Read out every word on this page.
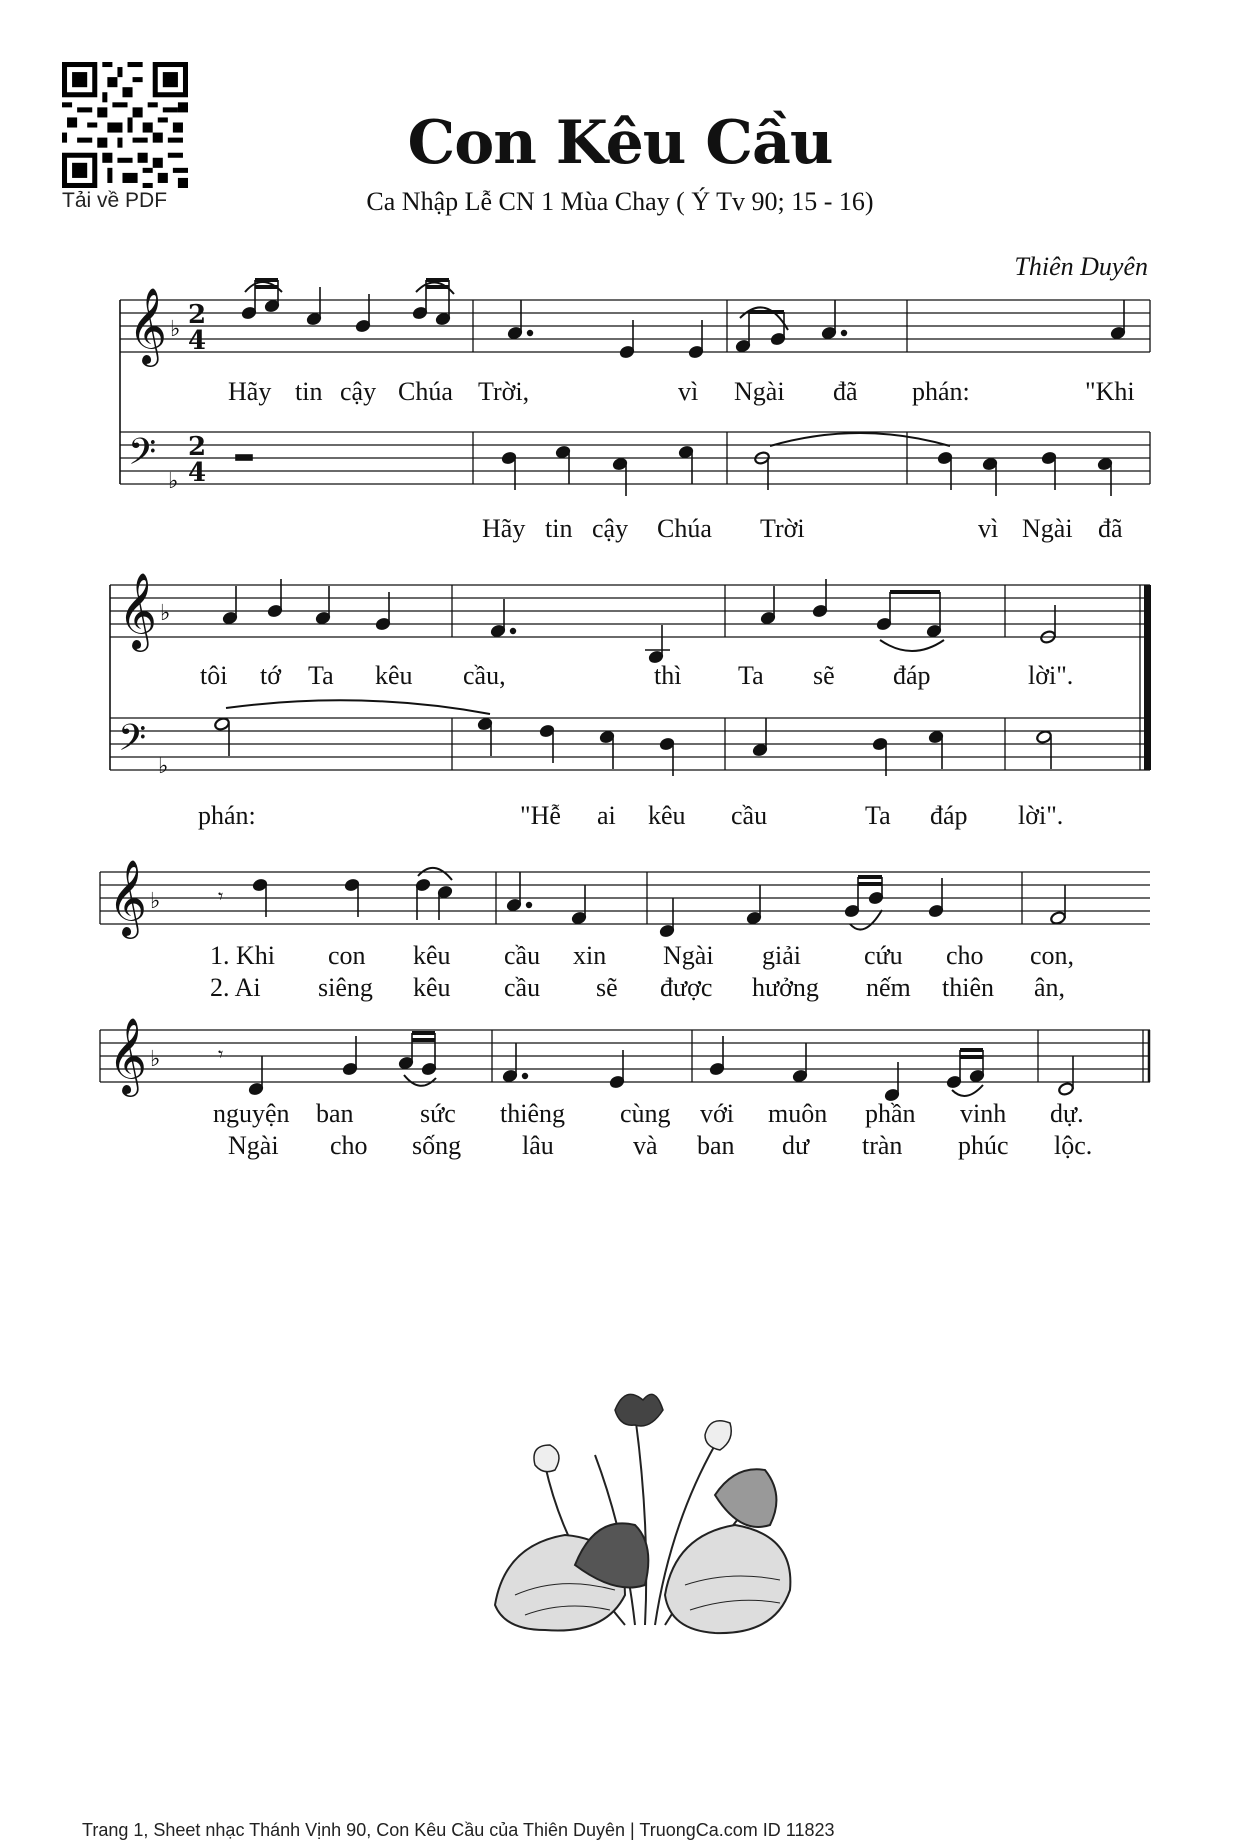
Tải về PDF
Con Kêu Cầu
Ca Nhập Lễ CN 1 Mùa Chay ( Ý Tv 90; 15 - 16)
Thiên Duyên
𝄞
𝄢
𝄞
𝄢
𝄞
𝄞
♭
♭
♭
♭
♭
♭
2
4
2
4
𝄾
𝄾
Hãy tin cậy Chúa Trời,	vì Ngài đã phán:	"Khi
Hãy tin cậy Chúa Trời	vì Ngài đã
tôi tớ Ta kêu cầu,	thì Ta sẽ đáp	lời".
phán:	"Hễ ai kêu cầu	Ta đáp lời".
1. Khi con kêu cầu xin Ngài giải cứu cho con,
2. Ai siêng kêu cầu sẽ được hưởng nếm thiên ân,
nguyện ban	sức thiêng cùng với muôn phần vinh dự.
Ngài cho sống lâu	và ban dư tràn phúc lộc.
Trang 1, Sheet nhạc Thánh Vịnh 90, Con Kêu Cầu của Thiên Duyên | TruongCa.com ID 11823
